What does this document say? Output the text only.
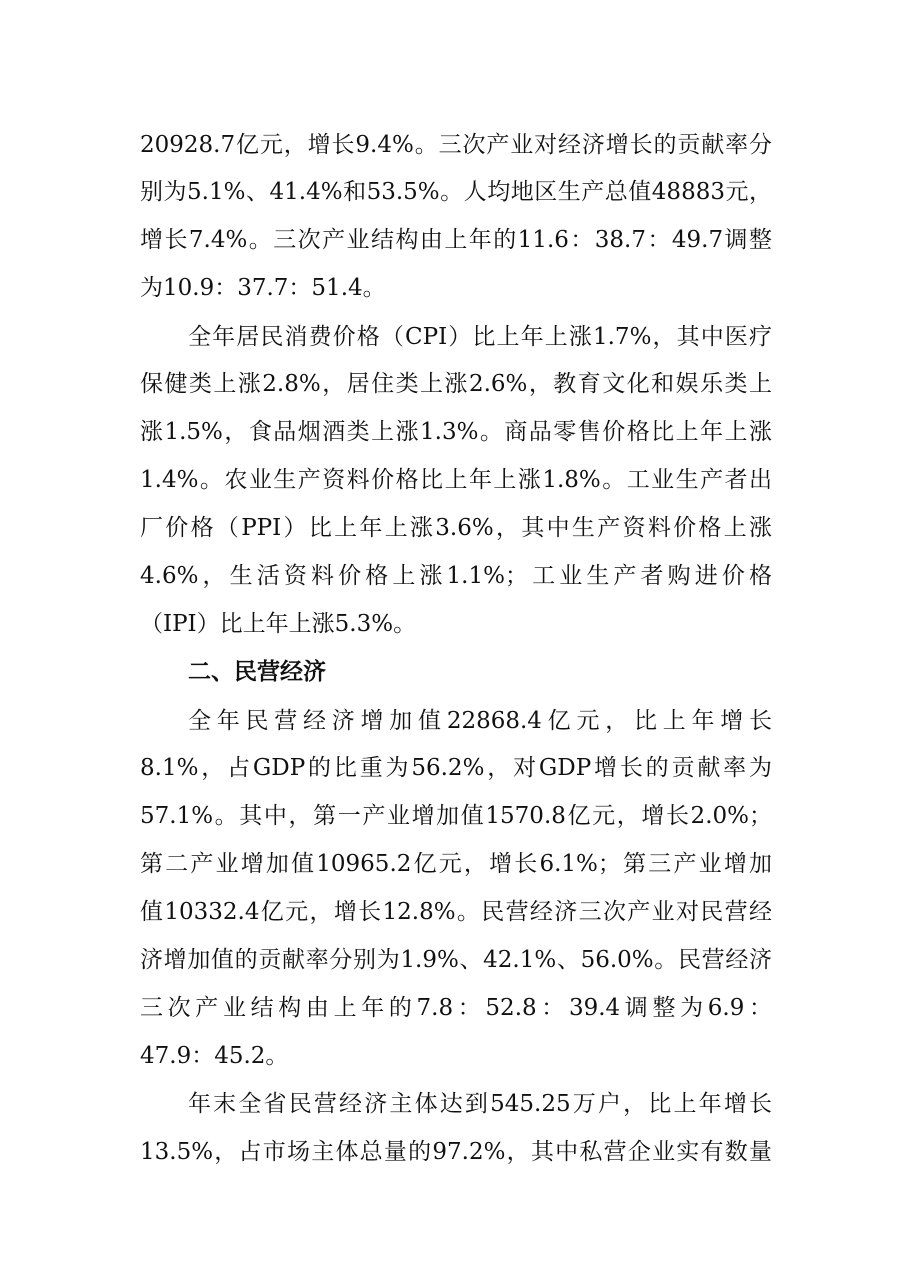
20928.7亿元，增长9.4%。三次产业对经济增长的贡献率分
别为5.1%、41.4%和53.5%。人均地区生产总值48883元，
增长7.4%。三次产业结构由上年的11.6：38.7：49.7调整
为10.9：37.7：51.4。
全年居民消费价格（CPI）比上年上涨1.7%，其中医疗
保健类上涨2.8%，居住类上涨2.6%，教育文化和娱乐类上
涨1.5%，食品烟酒类上涨1.3%。商品零售价格比上年上涨
1.4%。农业生产资料价格比上年上涨1.8%。工业生产者出
厂价格（PPI）比上年上涨3.6%，其中生产资料价格上涨
4.6%，生活资料价格上涨1.1%；工业生产者购进价格
（IPI）比上年上涨5.3%。
二、民营经济
全年民营经济增加值22868.4亿元，比上年增长
8.1%，占GDP的比重为56.2%，对GDP增长的贡献率为
57.1%。其中，第一产业增加值1570.8亿元，增长2.0%；
第二产业增加值10965.2亿元，增长6.1%；第三产业增加
值10332.4亿元，增长12.8%。民营经济三次产业对民营经
济增加值的贡献率分别为1.9%、42.1%、56.0%。民营经济
三次产业结构由上年的7.8：52.8：39.4调整为6.9：
47.9：45.2。
年末全省民营经济主体达到545.25万户，比上年增长
13.5%，占市场主体总量的97.2%，其中私营企业实有数量
